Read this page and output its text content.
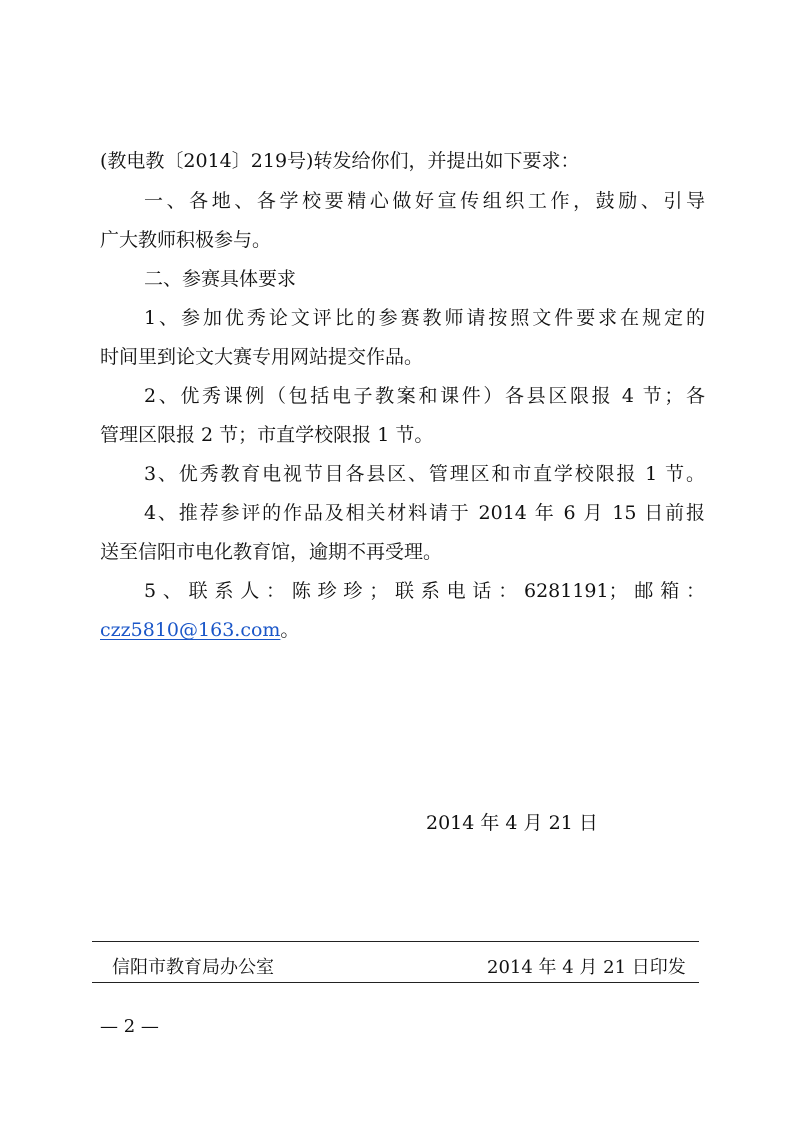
(教电教〔2014〕219号)转发给你们，并提出如下要求：
一、各地、各学校要精心做好宣传组织工作，鼓励、引导
广大教师积极参与。
二、参赛具体要求
1、参加优秀论文评比的参赛教师请按照文件要求在规定的
时间里到论文大赛专用网站提交作品。
2、优秀课例（包括电子教案和课件）各县区限报 4 节；各
管理区限报 2 节；市直学校限报 1 节。
3、优秀教育电视节目各县区、管理区和市直学校限报 1 节。
4、推荐参评的作品及相关材料请于 2014 年 6 月 15 日前报
送至信阳市电化教育馆，逾期不再受理。
5、联系人：陈珍珍；联系电话：6281191；邮箱：
czz5810@163.com。
2014 年 4 月 21 日
信阳市教育局办公室	2014 年 4 月 21 日印发
— 2 —
